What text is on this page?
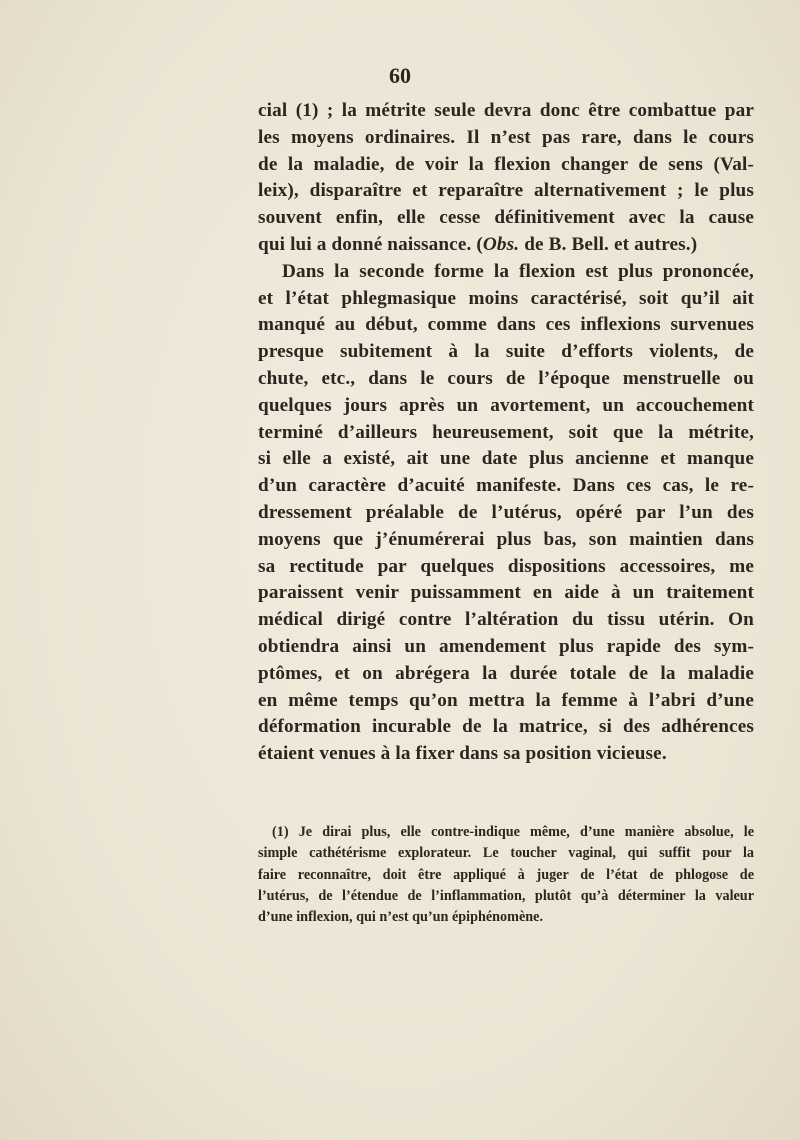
60
cial (1) ; la métrite seule devra donc être combattue par
les moyens ordinaires. Il n’est pas rare, dans le cours
de la maladie, de voir la flexion changer de sens (Val-
leix), disparaître et reparaître alternativement ; le plus
souvent enfin, elle cesse définitivement avec la cause
qui lui a donné naissance. (Obs. de B. Bell. et autres.)
Dans la seconde forme la flexion est plus prononcée,
et l’état phlegmasique moins caractérisé, soit qu’il ait
manqué au début, comme dans ces inflexions survenues
presque subitement à la suite d’efforts violents, de
chute, etc., dans le cours de l’époque menstruelle ou
quelques jours après un avortement, un accouchement
terminé d’ailleurs heureusement, soit que la métrite,
si elle a existé, ait une date plus ancienne et manque
d’un caractère d’acuité manifeste. Dans ces cas, le re-
dressement préalable de l’utérus, opéré par l’un des
moyens que j’énumérerai plus bas, son maintien dans
sa rectitude par quelques dispositions accessoires, me
paraissent venir puissamment en aide à un traitement
médical dirigé contre l’altération du tissu utérin. On
obtiendra ainsi un amendement plus rapide des sym-
ptômes, et on abrégera la durée totale de la maladie
en même temps qu’on mettra la femme à l’abri d’une
déformation incurable de la matrice, si des adhérences
étaient venues à la fixer dans sa position vicieuse.
(1) Je dirai plus, elle contre-indique même, d’une manière absolue, le
simple cathétérisme explorateur. Le toucher vaginal, qui suffit pour la
faire reconnaître, doit être appliqué à juger de l’état de phlogose de
l’utérus, de l’étendue de l’inflammation, plutôt qu’à déterminer la valeur
d’une inflexion, qui n’est qu’un épiphénomène.
